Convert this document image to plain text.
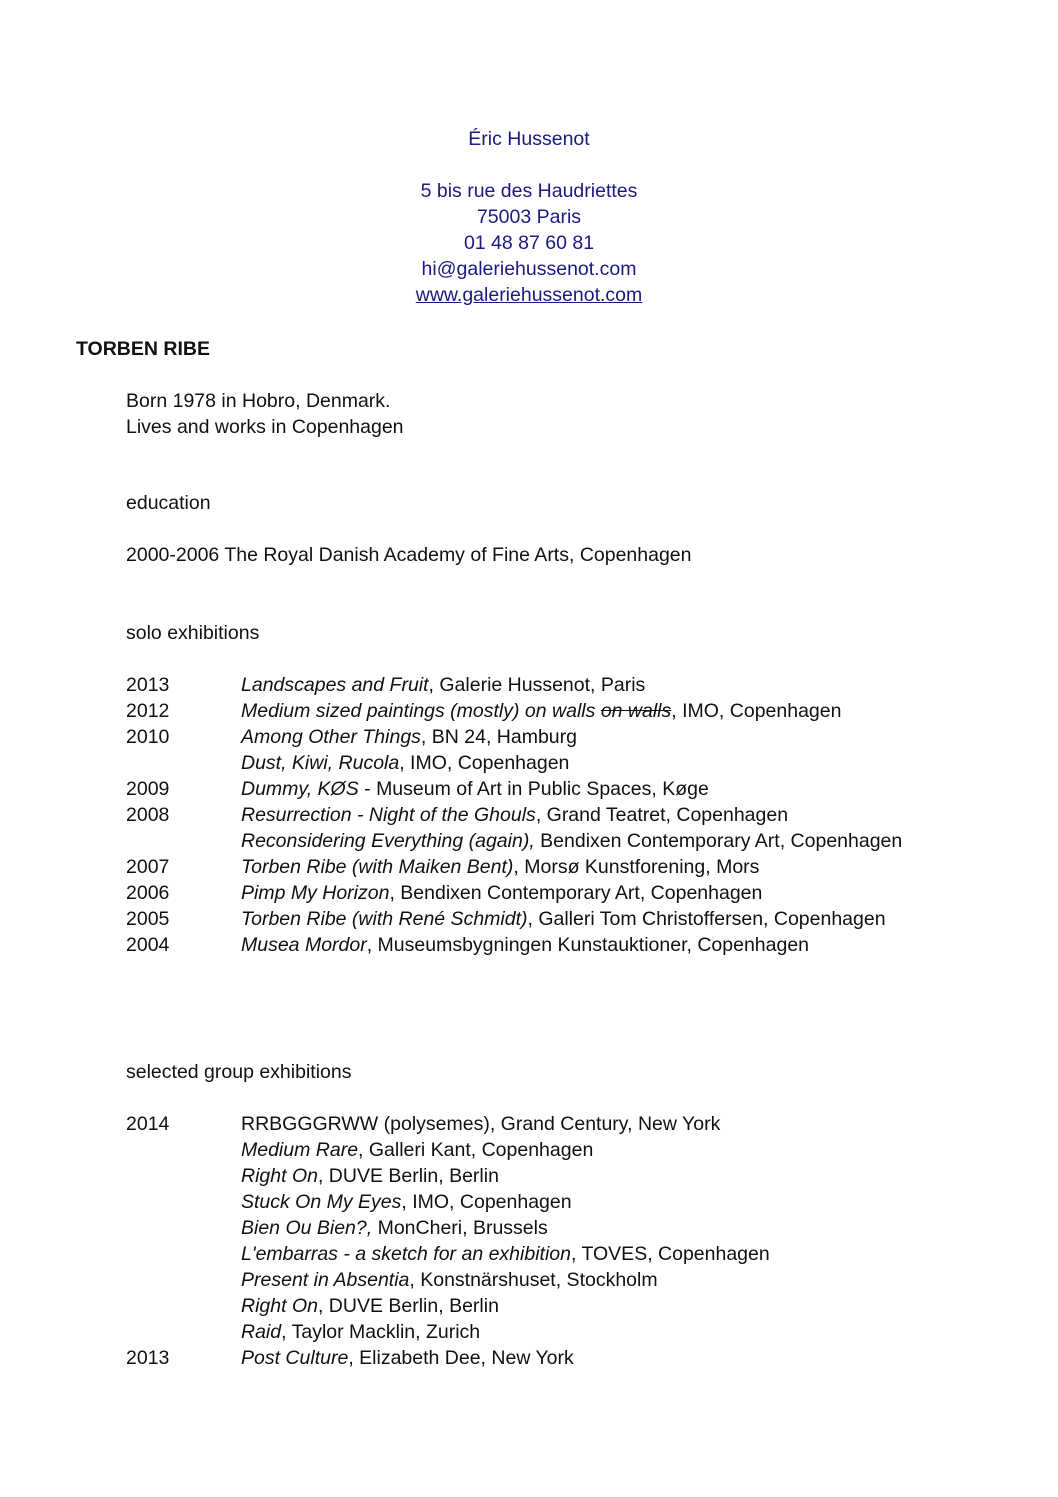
Éric Hussenot
5 bis rue des Haudriettes
75003 Paris
01 48 87 60 81
hi@galeriehussenot.com
www.galeriehussenot.com
TORBEN RIBE
Born 1978 in Hobro, Denmark.
Lives and works in Copenhagen
education
2000-2006 The Royal Danish Academy of Fine Arts, Copenhagen
solo exhibitions
2013	Landscapes and Fruit, Galerie Hussenot, Paris
2012	Medium sized paintings (mostly) on walls on walls, IMO, Copenhagen
2010	Among Other Things, BN 24, Hamburg
Dust, Kiwi, Rucola, IMO, Copenhagen
2009	Dummy, KØS - Museum of Art in Public Spaces, Køge
2008	Resurrection - Night of the Ghouls, Grand Teatret, Copenhagen
Reconsidering Everything (again), Bendixen Contemporary Art, Copenhagen
2007	Torben Ribe (with Maiken Bent), Morsø Kunstforening, Mors
2006	Pimp My Horizon, Bendixen Contemporary Art, Copenhagen
2005	Torben Ribe (with René Schmidt), Galleri Tom Christoffersen, Copenhagen
2004	Musea Mordor, Museumsbygningen Kunstauktioner, Copenhagen
selected group exhibitions
2014	RRBGGGRWW (polysemes), Grand Century, New York
Medium Rare, Galleri Kant, Copenhagen
Right On, DUVE Berlin, Berlin
Stuck On My Eyes, IMO, Copenhagen
Bien Ou Bien?, MonCheri, Brussels
L'embarras - a sketch for an exhibition, TOVES, Copenhagen
Present in Absentia, Konstnärshuset, Stockholm
Right On, DUVE Berlin, Berlin
Raid, Taylor Macklin, Zurich
2013	Post Culture, Elizabeth Dee, New York
